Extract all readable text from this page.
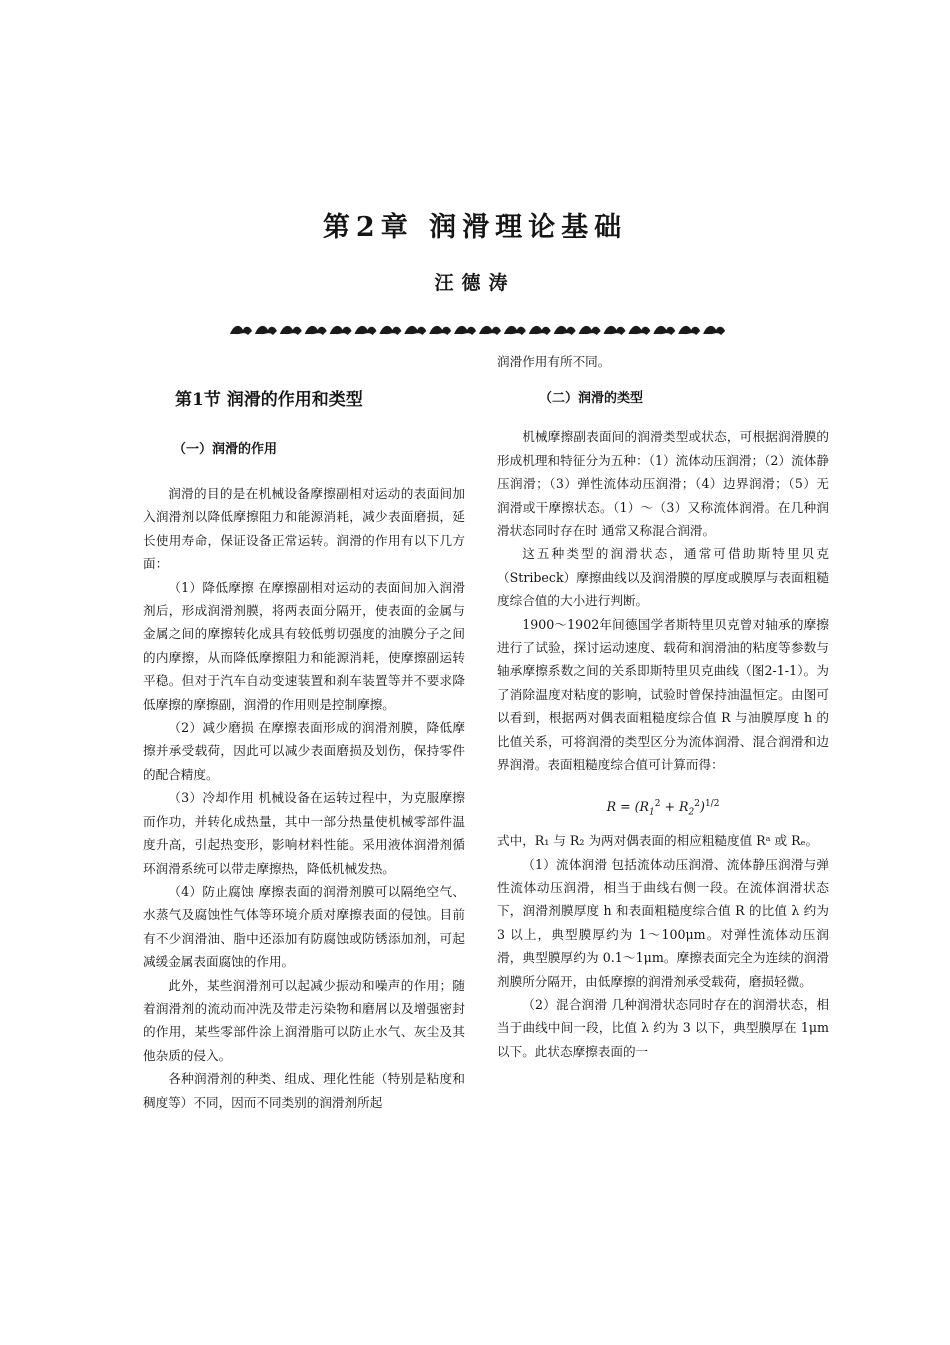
第2章 润滑理论基础
汪德涛
第1节 润滑的作用和类型
（一）润滑的作用

润滑的目的是在机械设备摩擦副相对运动的表面间加入润滑剂以降低摩擦阻力和能源消耗，减少表面磨损，延长使用寿命，保证设备正常运转。润滑的作用有以下几方面：

（1）降低摩擦 在摩擦副相对运动的表面间加入润滑剂后，形成润滑剂膜，将两表面分隔开，使表面的金属与金属之间的摩擦转化成具有较低剪切强度的油膜分子之间的内摩擦，从而降低摩擦阻力和能源消耗，使摩擦副运转平稳。但对于汽车自动变速装置和刹车装置等并不要求降低摩擦的摩擦副，润滑的作用则是控制摩擦。

（2）减少磨损 在摩擦表面形成的润滑剂膜，降低摩擦并承受载荷，因此可以减少表面磨损及划伤，保持零件的配合精度。

（3）冷却作用 机械设备在运转过程中，为克服摩擦而作功，并转化成热量，其中一部分热量使机械零部件温度升高，引起热变形，影响材料性能。采用液体润滑剂循环润滑系统可以带走摩擦热，降低机械发热。

（4）防止腐蚀 摩擦表面的润滑剂膜可以隔绝空气、水蒸气及腐蚀性气体等环境介质对摩擦表面的侵蚀。目前有不少润滑油、脂中还添加有防腐蚀或防锈添加剂，可起减缓金属表面腐蚀的作用。

此外，某些润滑剂可以起减少振动和噪声的作用；随着润滑剂的流动而冲洗及带走污染物和磨屑以及增强密封的作用，某些零部件涂上润滑脂可以防止水气、灰尘及其他杂质的侵入。

各种润滑剂的种类、组成、理化性能（特别是粘度和稠度等）不同，因而不同类别的润滑剂所起

润滑作用有所不同。

（二）润滑的类型

机械摩擦副表面间的润滑类型或状态，可根据润滑膜的形成机理和特征分为五种：（1）流体动压润滑；（2）流体静压润滑；（3）弹性流体动压润滑；（4）边界润滑；（5）无润滑或干摩擦状态。（1）～（3）又称流体润滑。在几种润滑状态同时存在时 通常又称混合润滑。

这五种类型的润滑状态，通常可借助斯特里贝克（Stribeck）摩擦曲线以及润滑膜的厚度或膜厚与表面粗糙度综合值的大小进行判断。

1900～1902年间德国学者斯特里贝克曾对轴承的摩擦进行了试验，探讨运动速度、载荷和润滑油的粘度等参数与轴承摩擦系数之间的关系即斯特里贝克曲线（图2-1-1）。为了消除温度对粘度的影响，试验时曾保持油温恒定。由图可以看到，根据两对偶表面粗糙度综合值 R 与油膜厚度 h 的比值关系，可将润滑的类型区分为流体润滑、混合润滑和边界润滑。表面粗糙度综合值可计算而得：

$R = (R_1^2 + R_2^2)^{1/2}$

式中，R₁ 与 R₂ 为两对偶表面的相应粗糙度值 Rᵃ 或 Rₑ。

（1）流体润滑 包括流体动压润滑、流体静压润滑与弹性流体动压润滑，相当于曲线右侧一段。在流体润滑状态下，润滑剂膜厚度 h 和表面粗糙度综合值 R 的比值 λ 约为 3 以上，典型膜厚约为 1～100μm。对弹性流体动压润滑，典型膜厚约为 0.1～1μm。摩擦表面完全为连续的润滑剂膜所分隔开，由低摩擦的润滑剂承受载荷，磨损轻微。

（2）混合润滑 几种润滑状态同时存在的润滑状态，相当于曲线中间一段，比值 λ 约为 3 以下，典型膜厚在 1μm 以下。此状态摩擦表面的一
